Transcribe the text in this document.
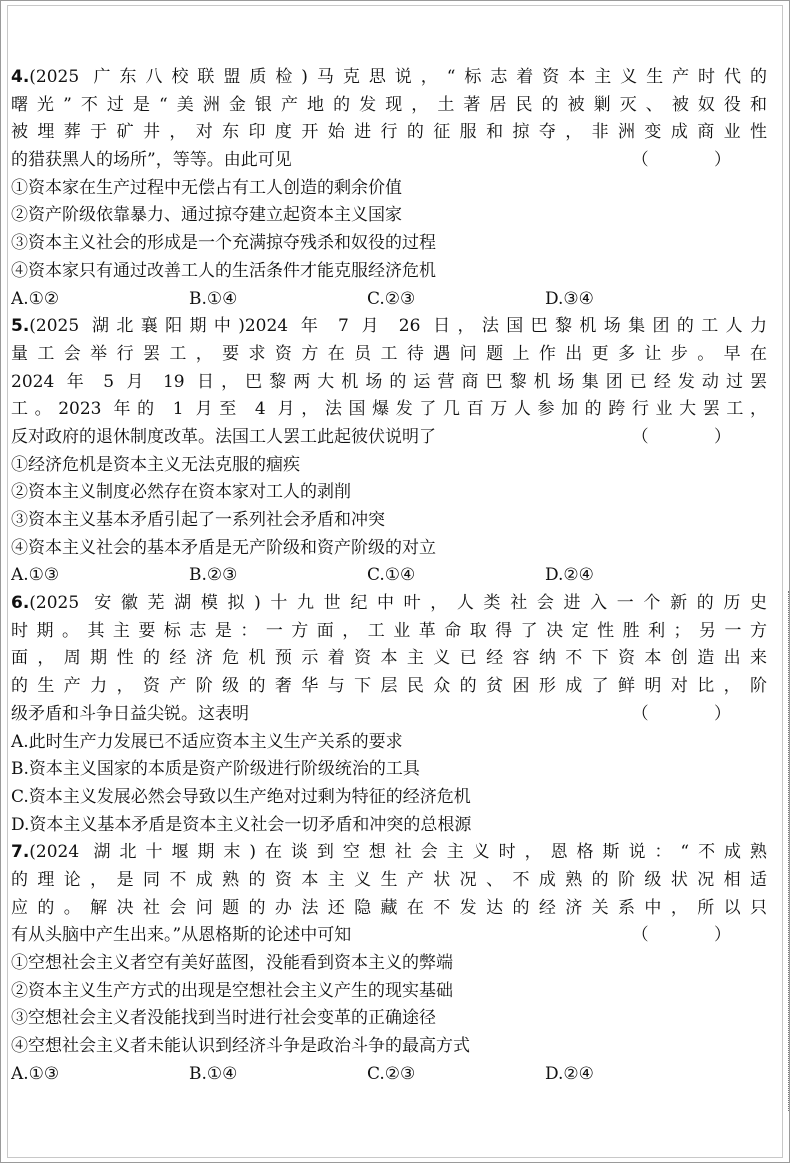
4.(2025 广东八校联盟质检)马克思说，“标志着资本主义生产时代的
曙光”不过是“美洲金银产地的发现，土著居民的被剿灭、被奴役和
被埋葬于矿井，对东印度开始进行的征服和掠夺，非洲变成商业性
的猎获黑人的场所”，等等。由此可见	（ ）
①资本家在生产过程中无偿占有工人创造的剩余价值
②资产阶级依靠暴力、通过掠夺建立起资本主义国家
③资本主义社会的形成是一个充满掠夺残杀和奴役的过程
④资本家只有通过改善工人的生活条件才能克服经济危机
A.①②	B.①④	C.②③	D.③④
5.(2025 湖北襄阳期中)2024 年 7 月 26 日，法国巴黎机场集团的工人力
量工会举行罢工，要求资方在员工待遇问题上作出更多让步。早在
2024 年 5 月 19 日，巴黎两大机场的运营商巴黎机场集团已经发动过罢
工。2023 年的 1 月至 4 月，法国爆发了几百万人参加的跨行业大罢工，
反对政府的退休制度改革。法国工人罢工此起彼伏说明了	（ ）
①经济危机是资本主义无法克服的痼疾
②资本主义制度必然存在资本家对工人的剥削
③资本主义基本矛盾引起了一系列社会矛盾和冲突
④资本主义社会的基本矛盾是无产阶级和资产阶级的对立
A.①③	B.②③	C.①④	D.②④
6.(2025 安徽芜湖模拟)十九世纪中叶，人类社会进入一个新的历史
时期。其主要标志是：一方面，工业革命取得了决定性胜利；另一方
面，周期性的经济危机预示着资本主义已经容纳不下资本创造出来
的生产力，资产阶级的奢华与下层民众的贫困形成了鲜明对比，阶
级矛盾和斗争日益尖锐。这表明	（ ）
A.此时生产力发展已不适应资本主义生产关系的要求
B.资本主义国家的本质是资产阶级进行阶级统治的工具
C.资本主义发展必然会导致以生产绝对过剩为特征的经济危机
D.资本主义基本矛盾是资本主义社会一切矛盾和冲突的总根源
7.(2024 湖北十堰期末)在谈到空想社会主义时，恩格斯说：“不成熟
的理论，是同不成熟的资本主义生产状况、不成熟的阶级状况相适
应的。解决社会问题的办法还隐藏在不发达的经济关系中，所以只
有从头脑中产生出来。”从恩格斯的论述中可知	（ ）
①空想社会主义者空有美好蓝图，没能看到资本主义的弊端
②资本主义生产方式的出现是空想社会主义产生的现实基础
③空想社会主义者没能找到当时进行社会变革的正确途径
④空想社会主义者未能认识到经济斗争是政治斗争的最高方式
A.①③	B.①④	C.②③	D.②④
